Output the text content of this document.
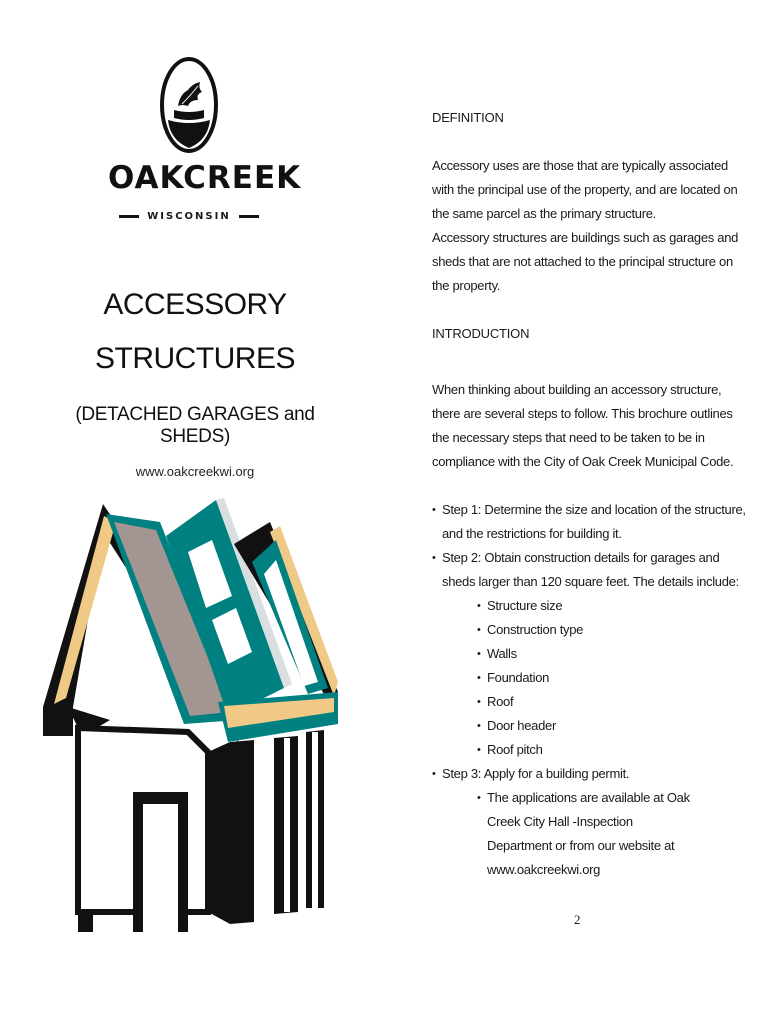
OAKCREEK
WISCONSIN
ACCESSORY
STRUCTURES
(DETACHED GARAGES and SHEDS)
www.oakcreekwi.org

DEFINITION

Accessory uses are those that are typically associated with the principal use of the property, and are located on the same parcel as the primary structure.

Accessory structures are buildings such as garages and sheds that are not attached to the principal structure on the property.

INTRODUCTION

When thinking about building an accessory structure, there are several steps to follow. This brochure outlines the necessary steps that need to be taken to be in compliance with the City of Oak Creek Municipal Code.

• Step 1: Determine the size and location of the structure, and the restrictions for building it.
• Step 2: Obtain construction details for garages and sheds larger than 120 square feet. The details include:
• Structure size
• Construction type
• Walls
• Foundation
• Roof
• Door header
• Roof pitch
• Step 3: Apply for a building permit.
• The applications are available at Oak Creek City Hall -Inspection Department or from our website at www.oakcreekwi.org
2
